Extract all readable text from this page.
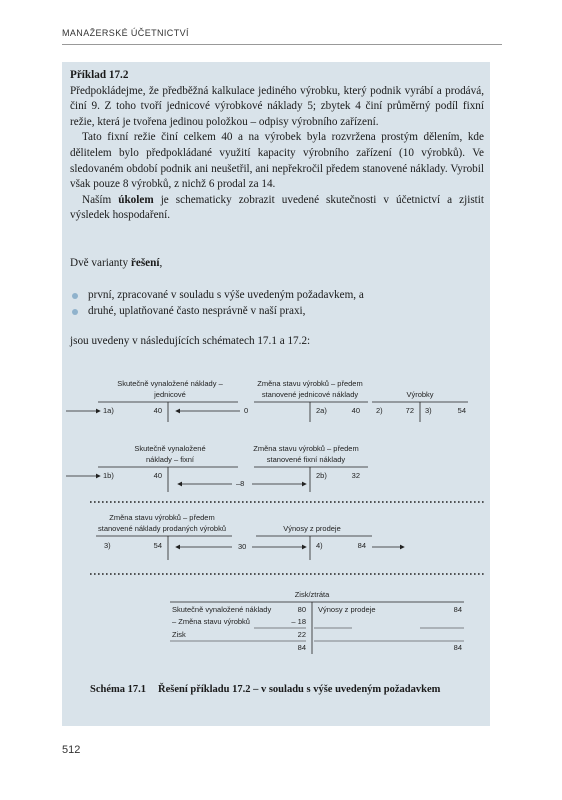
MANAŽERSKÉ ÚČETNICTVÍ

Příklad 17.2

Předpokládejme, že předběžná kalkulace jediného výrobku, který podnik vyrábí a prodává, činí 9. Z toho tvoří jednicové výrobkové náklady 5; zbytek 4 činí průměrný podíl fixní režie, která je tvořena jedinou položkou – odpisy výrobního zařízení.

Tato fixní režie činí celkem 40 a na výrobek byla rozvržena prostým dělením, kde dělitelem bylo předpokládané využití kapacity výrobního zařízení (10 výrobků). Ve sledovaném období podnik ani neušetřil, ani nepřekročil předem stanovené náklady. Vyrobil však pouze 8 výrobků, z nichž 6 prodal za 14.

Naším úkolem je schematicky zobrazit uvedené skutečnosti v účetnictví a zjistit výsledek hospodaření.

Dvě varianty řešení,

první, zpracované v souladu s výše uvedeným požadavkem, a
druhé, uplatňované často nesprávně v naší praxi,
jsou uvedeny v následujících schématech 17.1 a 17.2:
Skutečně vynaložené náklady –
jednicové
1a)	40	0
Změna stavu výrobků – předem
stanovené jednicové náklady
2a)	40
Výrobky
2)	72 3)	54
Skutečně vynaložené
náklady – fixní
1b)	40
–8
Změna stavu výrobků – předem
stanovené fixní náklady
2b)	32
Změna stavu výrobků – předem
stanovené náklady prodaných výrobků
3)	54	30
Výnosy z prodeje
4)	84
Zisk/ztráta
Skutečně vynaložené náklady	80
– Změna stavu výrobků	– 18
Zisk	22
84
Výnosy z prodeje	84
84
Schéma 17.1 Řešení příkladu 17.2 – v souladu s výše uvedeným požadavkem
512
